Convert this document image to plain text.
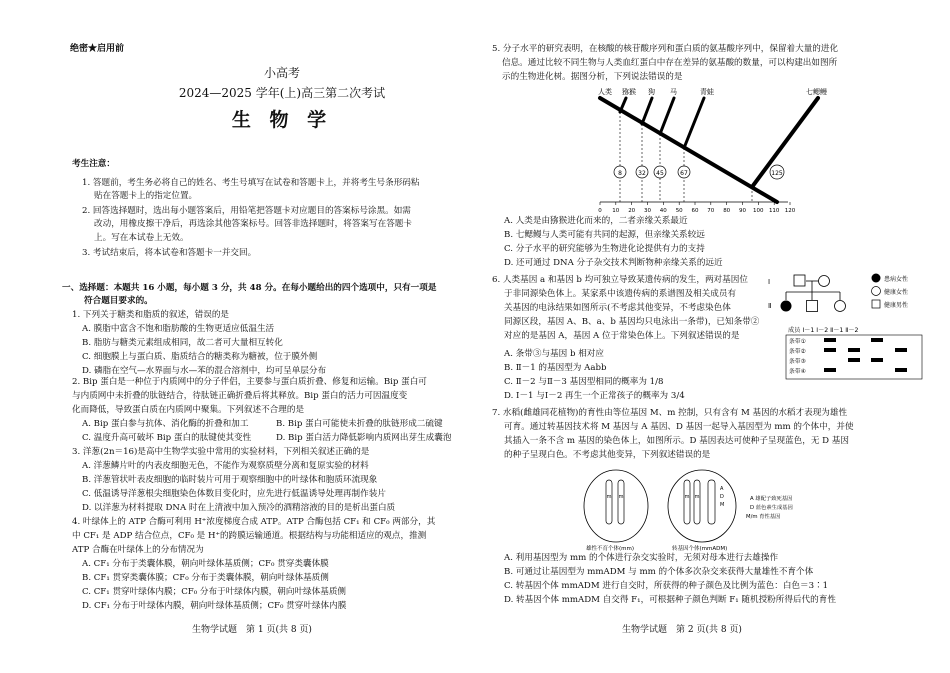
绝密★启用前
小高考
2024—2025 学年(上)高三第二次考试
生 物 学
考生注意：
1. 答题前，考生务必将自己的姓名、考生号填写在试卷和答题卡上，并将考生号条形码粘
贴在答题卡上的指定位置。
2. 回答选择题时，选出每小题答案后，用铅笔把答题卡对应题目的答案标号涂黑。如需
改动，用橡皮擦干净后，再选涂其他答案标号。回答非选择题时，将答案写在答题卡
上。写在本试卷上无效。
3. 考试结束后，将本试卷和答题卡一并交回。
一、选择题：本题共 16 小题，每小题 3 分，共 48 分。在每小题给出的四个选项中，只有一项是
符合题目要求的。
1. 下列关于糖类和脂质的叙述，错误的是
A. 膜脂中富含不饱和脂肪酸的生物更适应低温生活
B. 脂肪与糖类元素组成相同，故二者可大量相互转化
C. 细胞膜上与蛋白质、脂质结合的糖类称为糖被，位于膜外侧
D. 磷脂在空气—水界面与水—苯的混合溶剂中，均可呈单层分布
2. Bip 蛋白是一种位于内质网中的分子伴侣，主要参与蛋白质折叠、修复和运输。Bip 蛋白可
与内质网中未折叠的肽链结合，待肽链正确折叠后将其释放。Bip 蛋白的活力可因温度变
化而降低，导致蛋白质在内质网中聚集。下列叙述不合理的是
A. Bip 蛋白参与抗体、消化酶的折叠和加工	B. Bip 蛋白可能使未折叠的肽链形成二硫键
C. 温度升高可破坏 Bip 蛋白的肽键使其变性	D. Bip 蛋白活力降低影响内质网出芽生成囊泡
3. 洋葱(2n＝16)是高中生物学实验中常用的实验材料，下列相关叙述正确的是
A. 洋葱鳞片叶的内表皮细胞无色，不能作为观察质壁分离和复原实验的材料
B. 洋葱管状叶表皮细胞的临时装片可用于观察细胞中的叶绿体和胞质环流现象
C. 低温诱导洋葱根尖细胞染色体数目变化时，应先进行低温诱导处理再制作装片
D. 以洋葱为材料提取 DNA 时在上清液中加入预冷的酒精溶液的目的是析出蛋白质
4. 叶绿体上的 ATP 合酶可利用 H⁺浓度梯度合成 ATP。ATP 合酶包括 CF₁ 和 CF₀ 两部分，其
中 CF₁ 是 ADP 结合位点，CF₀ 是 H⁺的跨膜运输通道。根据结构与功能相适应的观点，推测
ATP 合酶在叶绿体上的分布情况为
A. CF₁ 分布于类囊体膜，朝向叶绿体基质侧；CF₀ 贯穿类囊体膜
B. CF₁ 贯穿类囊体膜；CF₀ 分布于类囊体膜，朝向叶绿体基质侧
C. CF₁ 贯穿叶绿体内膜；CF₀ 分布于叶绿体内膜，朝向叶绿体基质侧
D. CF₁ 分布于叶绿体内膜，朝向叶绿体基质侧；CF₀ 贯穿叶绿体内膜
生物学试题　第 1 页(共 8 页)
5. 分子水平的研究表明，在核酸的核苷酸序列和蛋白质的氨基酸序列中，保留着大量的进化
信息。通过比较不同生物与人类血红蛋白中存在差异的氨基酸的数量，可以构建出如图所
示的生物进化树。据图分析，下列说法错误的是
人类 猕猴 狗 马	青蛙	七鳃鳗
8	32 45	67	125
0 10 20 30 40 50 60 70 80 90 100 110 120
A. 人类是由猕猴进化而来的，二者亲缘关系最近
B. 七鳃鳗与人类可能有共同的起源，但亲缘关系较远
C. 分子水平的研究能够为生物进化论提供有力的支持
D. 还可通过 DNA 分子杂交技术判断物种亲缘关系的远近
6. 人类基因 a 和基因 b 均可独立导致某遗传病的发生，两对基因位
于非同源染色体上。某家系中该遗传病的系谱图及相关成员有
关基因的电泳结果如图所示(不考虑其他变异，不考虑染色体
同源区段，基因 A、B、a、b 基因均只电泳出一条带)，已知条带②
对应的是基因 A，基因 A 位于常染色体上。下列叙述错误的是
A. 条带③与基因 b 相对应
B. Ⅱ－1 的基因型为 Aabb
C. Ⅱ－2 与Ⅱ－3 基因型相同的概率为 1/8
D. Ⅰ－1 与Ⅰ－2 再生一个正常孩子的概率为 3/4
Ⅰ
Ⅱ
患病女性
健康女性
健康男性
成员 Ⅰ－1 Ⅰ－2 Ⅱ－1 Ⅱ－2
条带①
条带②
条带③
条带④
7. 水稻(雌雄同花植物)的育性由等位基因 M、m 控制，只有含有 M 基因的水稻才表现为雄性
可育。通过转基因技术将 M 基因与 A 基因、D 基因一起导入基因型为 mm 的个体中，并使
其插入一条不含 m 基因的染色体上，如图所示。D 基因表达可使种子呈现蓝色，无 D 基因
的种子呈现白色。不考虑其他变异，下列叙述错误的是
m m
雄性不育个体(mm)
m m
A
D
M
转基因个体(mmADM)
A 雄配子致死基因
D 蓝色素生成基因
M/m 育性基因
A. 利用基因型为 mm 的个体进行杂交实验时，无须对母本进行去雄操作
B. 可通过让基因型为 mmADM 与 mm 的个体多次杂交来获得大量雄性不育个体
C. 转基因个体 mmADM 进行自交时，所获得的种子颜色及比例为蓝色：白色＝3∶1
D. 转基因个体 mmADM 自交得 F₁，可根据种子颜色判断 F₁ 随机授粉所得后代的育性
生物学试题　第 2 页(共 8 页)
